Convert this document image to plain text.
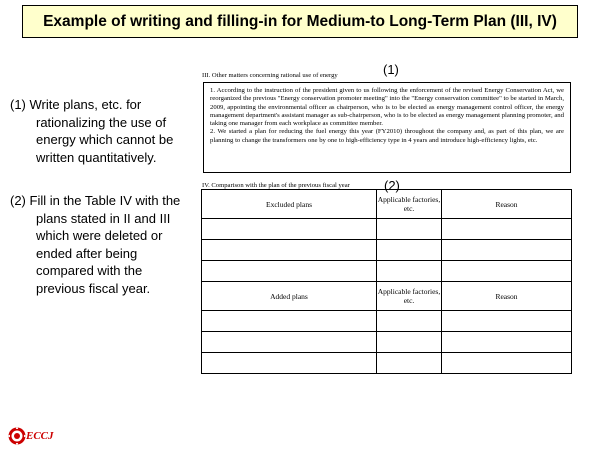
Example of writing and filling-in for Medium-to Long-Term Plan (III, IV)
(1) Write plans, etc. for
rationalizing the use of
energy which cannot be
written quantitatively.
(2) Fill in the Table IV with the
plans stated in II and III
which were deleted or
ended after being
compared with the
previous fiscal year.
III. Other matters concerning rational use of energy	(1)

1. According to the instruction of the president given to us following the enforcement of the revised Energy Conservation Act, we reorganized the previous "Energy conservation promoter meeting" into the "Energy conservation committee" to be started in March, 2009, appointing the environmental officer as chairperson, who is to be elected as energy management control officer, the energy management department's assistant manager as sub-chairperson, who is to be elected as energy management planning promoter, and taking one manager from each workplace as committee member.

2. We started a plan for reducing the fuel energy this year (FY2010) throughout the company and, as part of this plan, we are planning to change the transformers one by one to high-efficiency type in 4 years and introduce high-efficiency lights, etc.

IV. Comparison with the plan of the previous fiscal year	(2)
Excluded plans	Applicable factories, etc.	Reason

Added plans	Applicable factories, etc.	Reason

ECCJ
